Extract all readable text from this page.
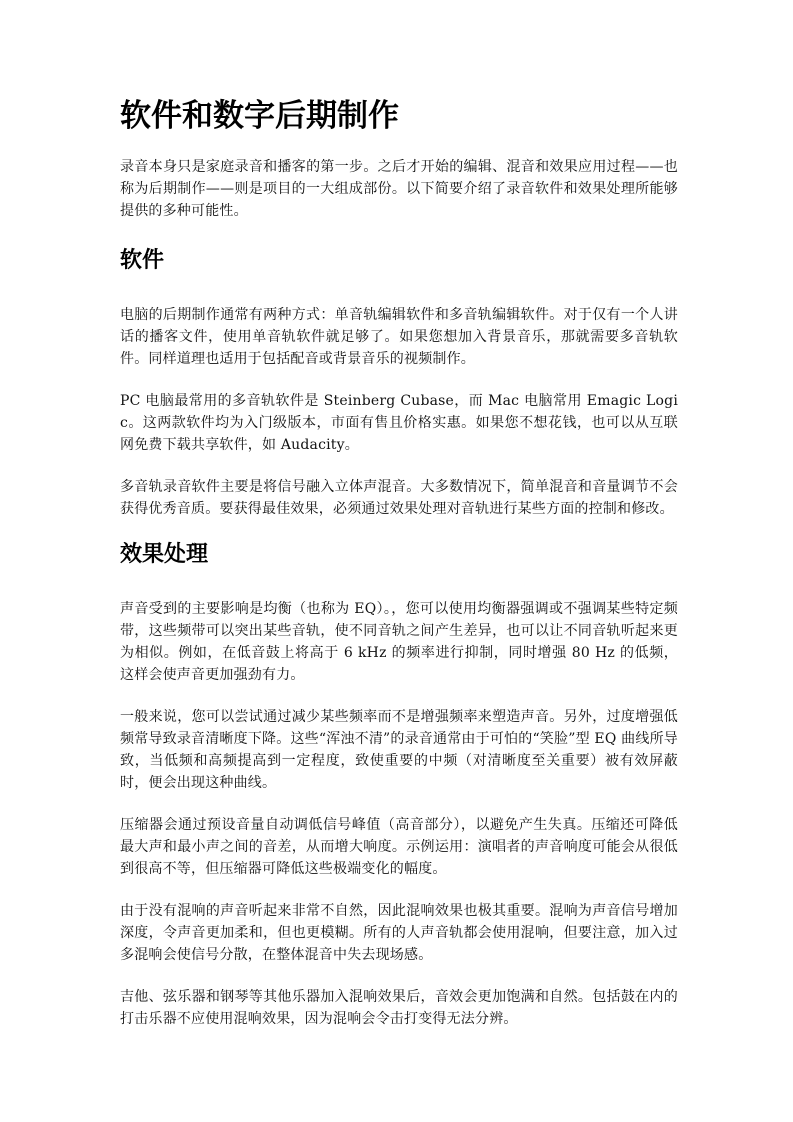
软件和数字后期制作

录音本身只是家庭录音和播客的第一步。之后才开始的编辑、混音和效果应用过程——也称为后期制作——则是项目的一大组成部份。以下简要介绍了录音软件和效果处理所能够提供的多种可能性。

软件

电脑的后期制作通常有两种方式：单音轨编辑软件和多音轨编辑软件。对于仅有一个人讲话的播客文件，使用单音轨软件就足够了。如果您想加入背景音乐，那就需要多音轨软件。同样道理也适用于包括配音或背景音乐的视频制作。

PC 电脑最常用的多音轨软件是 Steinberg Cubase，而 Mac 电脑常用 Emagic Logic。这两款软件均为入门级版本，市面有售且价格实惠。如果您不想花钱，也可以从互联网免费下载共享软件，如 Audacity。

多音轨录音软件主要是将信号融入立体声混音。大多数情况下，简单混音和音量调节不会获得优秀音质。要获得最佳效果，必须通过效果处理对音轨进行某些方面的控制和修改。

效果处理

声音受到的主要影响是均衡（也称为 EQ）。，您可以使用均衡器强调或不强调某些特定频带，这些频带可以突出某些音轨，使不同音轨之间产生差异，也可以让不同音轨听起来更为相似。例如，在低音鼓上将高于 6 kHz 的频率进行抑制，同时增强 80 Hz 的低频，这样会使声音更加强劲有力。

一般来说，您可以尝试通过减少某些频率而不是增强频率来塑造声音。另外，过度增强低频常导致录音清晰度下降。这些“浑浊不清”的录音通常由于可怕的“笑脸”型 EQ 曲线所导致，当低频和高频提高到一定程度，致使重要的中频（对清晰度至关重要）被有效屏蔽时，便会出现这种曲线。

压缩器会通过预设音量自动调低信号峰值（高音部分），以避免产生失真。压缩还可降低最大声和最小声之间的音差，从而增大响度。示例运用：演唱者的声音响度可能会从很低到很高不等，但压缩器可降低这些极端变化的幅度。

由于没有混响的声音听起来非常不自然，因此混响效果也极其重要。混响为声音信号增加深度，令声音更加柔和，但也更模糊。所有的人声音轨都会使用混响，但要注意，加入过多混响会使信号分散，在整体混音中失去现场感。

吉他、弦乐器和钢琴等其他乐器加入混响效果后，音效会更加饱满和自然。包括鼓在内的打击乐器不应使用混响效果，因为混响会令击打变得无法分辨。
